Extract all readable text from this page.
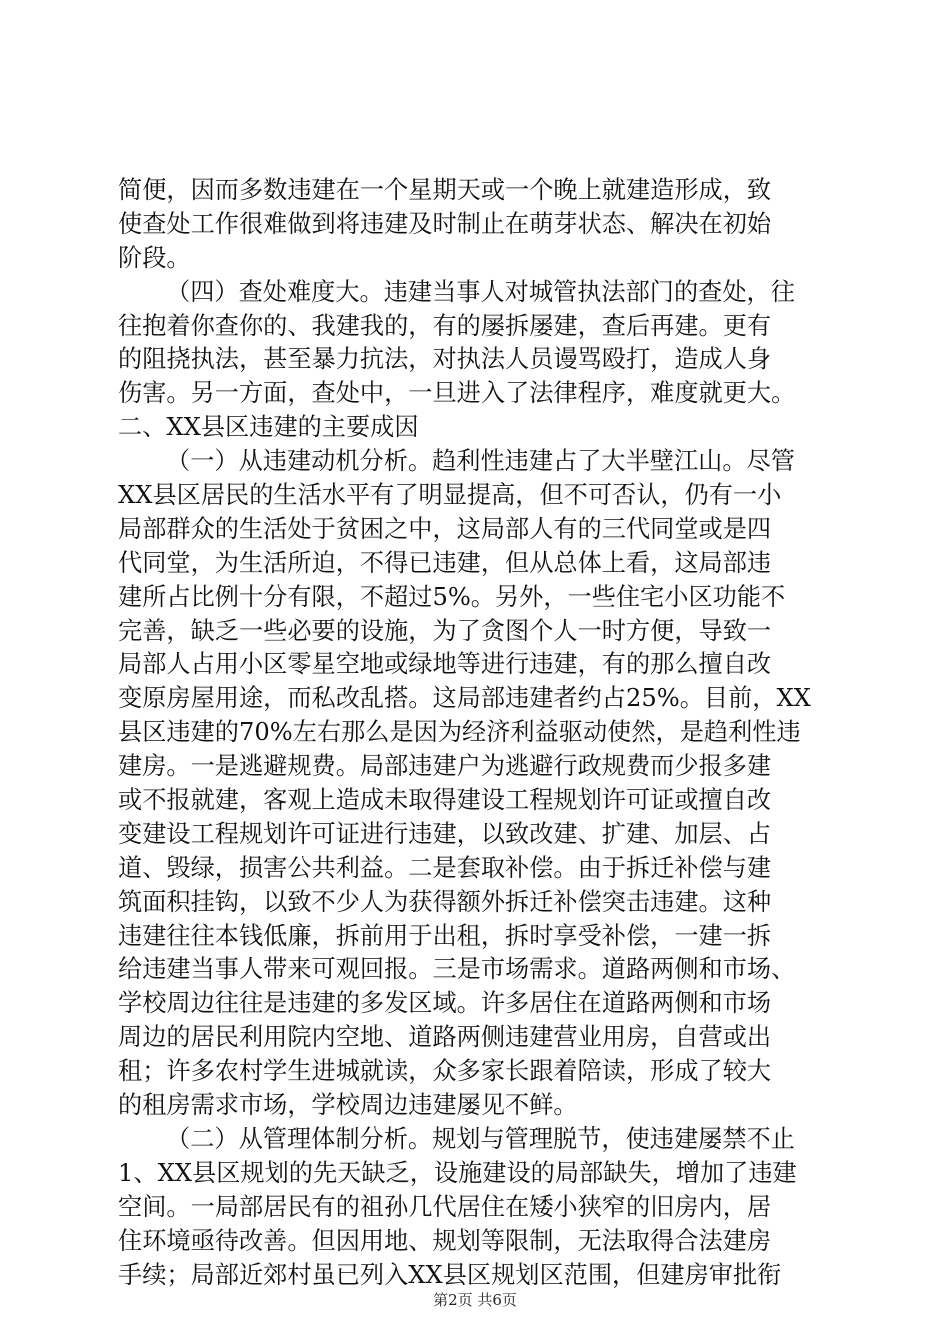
简便，因而多数违建在一个星期天或一个晚上就建造形成，致
使查处工作很难做到将违建及时制止在萌芽状态、解决在初始
阶段。
（四）查处难度大。违建当事人对城管执法部门的查处，往
往抱着你查你的、我建我的，有的屡拆屡建，查后再建。更有
的阻挠执法，甚至暴力抗法，对执法人员谩骂殴打，造成人身
伤害。另一方面，查处中，一旦进入了法律程序，难度就更大。
二、XX县区违建的主要成因
（一）从违建动机分析。趋利性违建占了大半壁江山。尽管
XX县区居民的生活水平有了明显提高，但不可否认，仍有一小
局部群众的生活处于贫困之中，这局部人有的三代同堂或是四
代同堂，为生活所迫，不得已违建，但从总体上看，这局部违
建所占比例十分有限，不超过5%。另外，一些住宅小区功能不
完善，缺乏一些必要的设施，为了贪图个人一时方便，导致一
局部人占用小区零星空地或绿地等进行违建，有的那么擅自改
变原房屋用途，而私改乱搭。这局部违建者约占25%。目前，XX
县区违建的70%左右那么是因为经济利益驱动使然，是趋利性违
建房。一是逃避规费。局部违建户为逃避行政规费而少报多建
或不报就建，客观上造成未取得建设工程规划许可证或擅自改
变建设工程规划许可证进行违建，以致改建、扩建、加层、占
道、毁绿，损害公共利益。二是套取补偿。由于拆迁补偿与建
筑面积挂钩，以致不少人为获得额外拆迁补偿突击违建。这种
违建往往本钱低廉，拆前用于出租，拆时享受补偿，一建一拆
给违建当事人带来可观回报。三是市场需求。道路两侧和市场、
学校周边往往是违建的多发区域。许多居住在道路两侧和市场
周边的居民利用院内空地、道路两侧违建营业用房，自营或出
租；许多农村学生进城就读，众多家长跟着陪读，形成了较大
的租房需求市场，学校周边违建屡见不鲜。
（二）从管理体制分析。规划与管理脱节，使违建屡禁不止
1、XX县区规划的先天缺乏，设施建设的局部缺失，增加了违建
空间。一局部居民有的祖孙几代居住在矮小狭窄的旧房内，居
住环境亟待改善。但因用地、规划等限制，无法取得合法建房
手续；局部近郊村虽已列入XX县区规划区范围，但建房审批衔
第2页 共6页
